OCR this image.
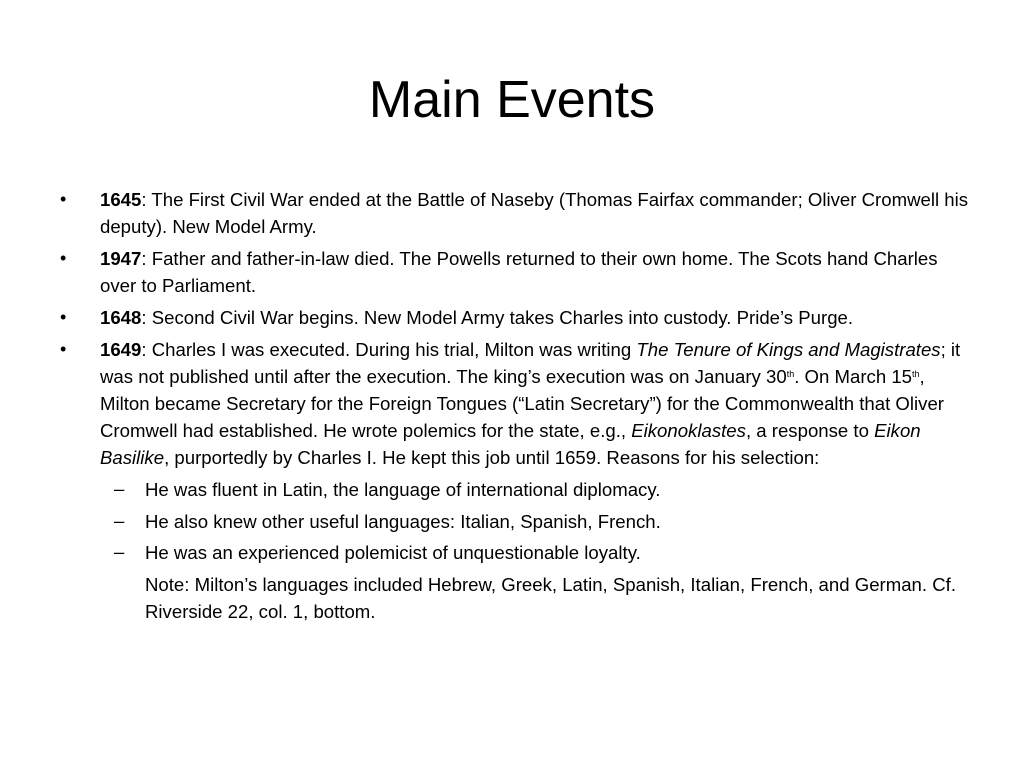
Main Events
• 1645: The First Civil War ended at the Battle of Naseby (Thomas Fairfax commander; Oliver Cromwell his deputy). New Model Army.
• 1947: Father and father-in-law died. The Powells returned to their own home. The Scots hand Charles over to Parliament.
• 1648: Second Civil War begins. New Model Army takes Charles into custody. Pride’s Purge.
• 1649: Charles I was executed. During his trial, Milton was writing The Tenure of Kings and Magistrates; it was not published until after the execution. The king’s execution was on January 30th. On March 15th, Milton became Secretary for the Foreign Tongues (“Latin Secretary”) for the Commonwealth that Oliver Cromwell had established. He wrote polemics for the state, e.g., Eikonoklastes, a response to Eikon Basilike, purportedly by Charles I. He kept this job until 1659. Reasons for his selection:
– He was fluent in Latin, the language of international diplomacy.
– He also knew other useful languages: Italian, Spanish, French.
– He was an experienced polemicist of unquestionable loyalty.
Note: Milton’s languages included Hebrew, Greek, Latin, Spanish, Italian, French, and German. Cf. Riverside 22, col. 1, bottom.
